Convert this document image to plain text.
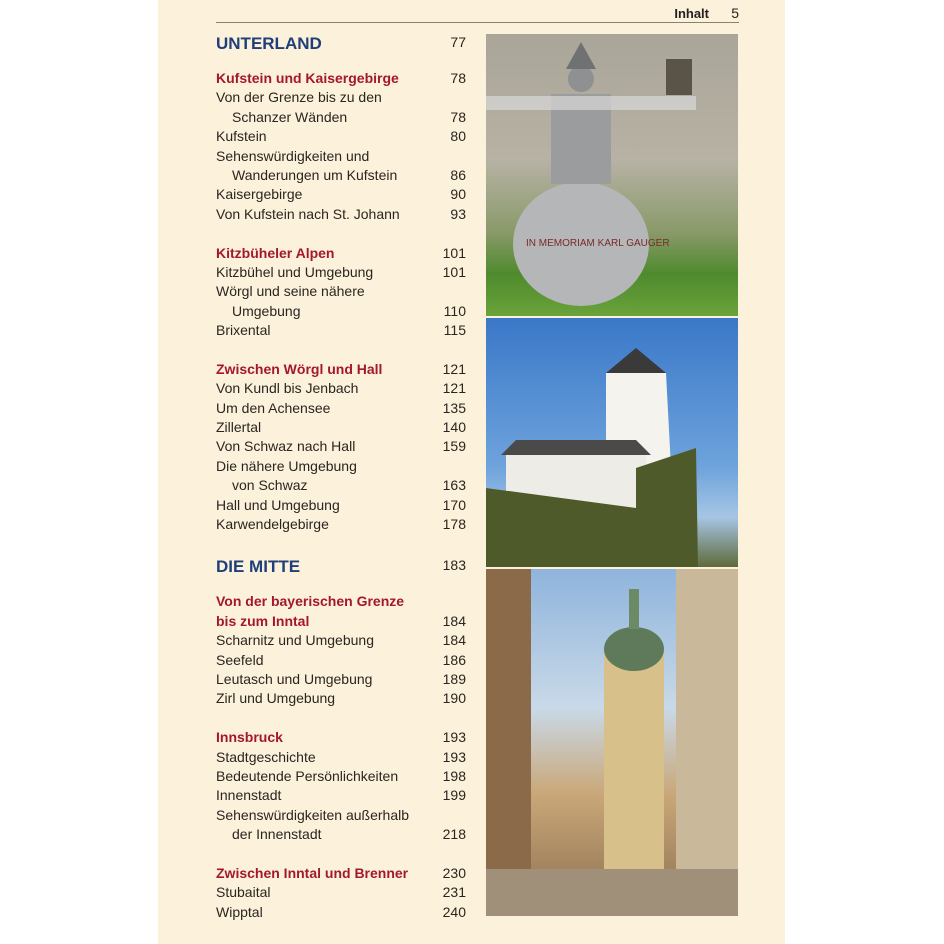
Inhalt 5
UNTERLAND	77
Kufstein und Kaisergebirge	78
Von der Grenze bis zu den
Schanzer Wänden	78
Kufstein	80
Sehenswürdigkeiten und
Wanderungen um Kufstein	86
Kaisergebirge	90
Von Kufstein nach St. Johann	93
Kitzbüheler Alpen	101
Kitzbühel und Umgebung	101
Wörgl und seine nähere
Umgebung	110
Brixental	115
Zwischen Wörgl und Hall	121
Von Kundl bis Jenbach	121
Um den Achensee	135
Zillertal	140
Von Schwaz nach Hall	159
Die nähere Umgebung
von Schwaz	163
Hall und Umgebung	170
Karwendelgebirge	178
DIE MITTE	183
Von der bayerischen Grenze
bis zum Inntal	184
Scharnitz und Umgebung	184
Seefeld	186
Leutasch und Umgebung	189
Zirl und Umgebung	190
Innsbruck	193
Stadtgeschichte	193
Bedeutende Persönlichkeiten	198
Innenstadt	199
Sehenswürdigkeiten außerhalb
der Innenstadt	218
Zwischen Inntal und Brenner 230
Stubaital	231
Wipptal	240
IN MEMORIAM KARL GAUGER
